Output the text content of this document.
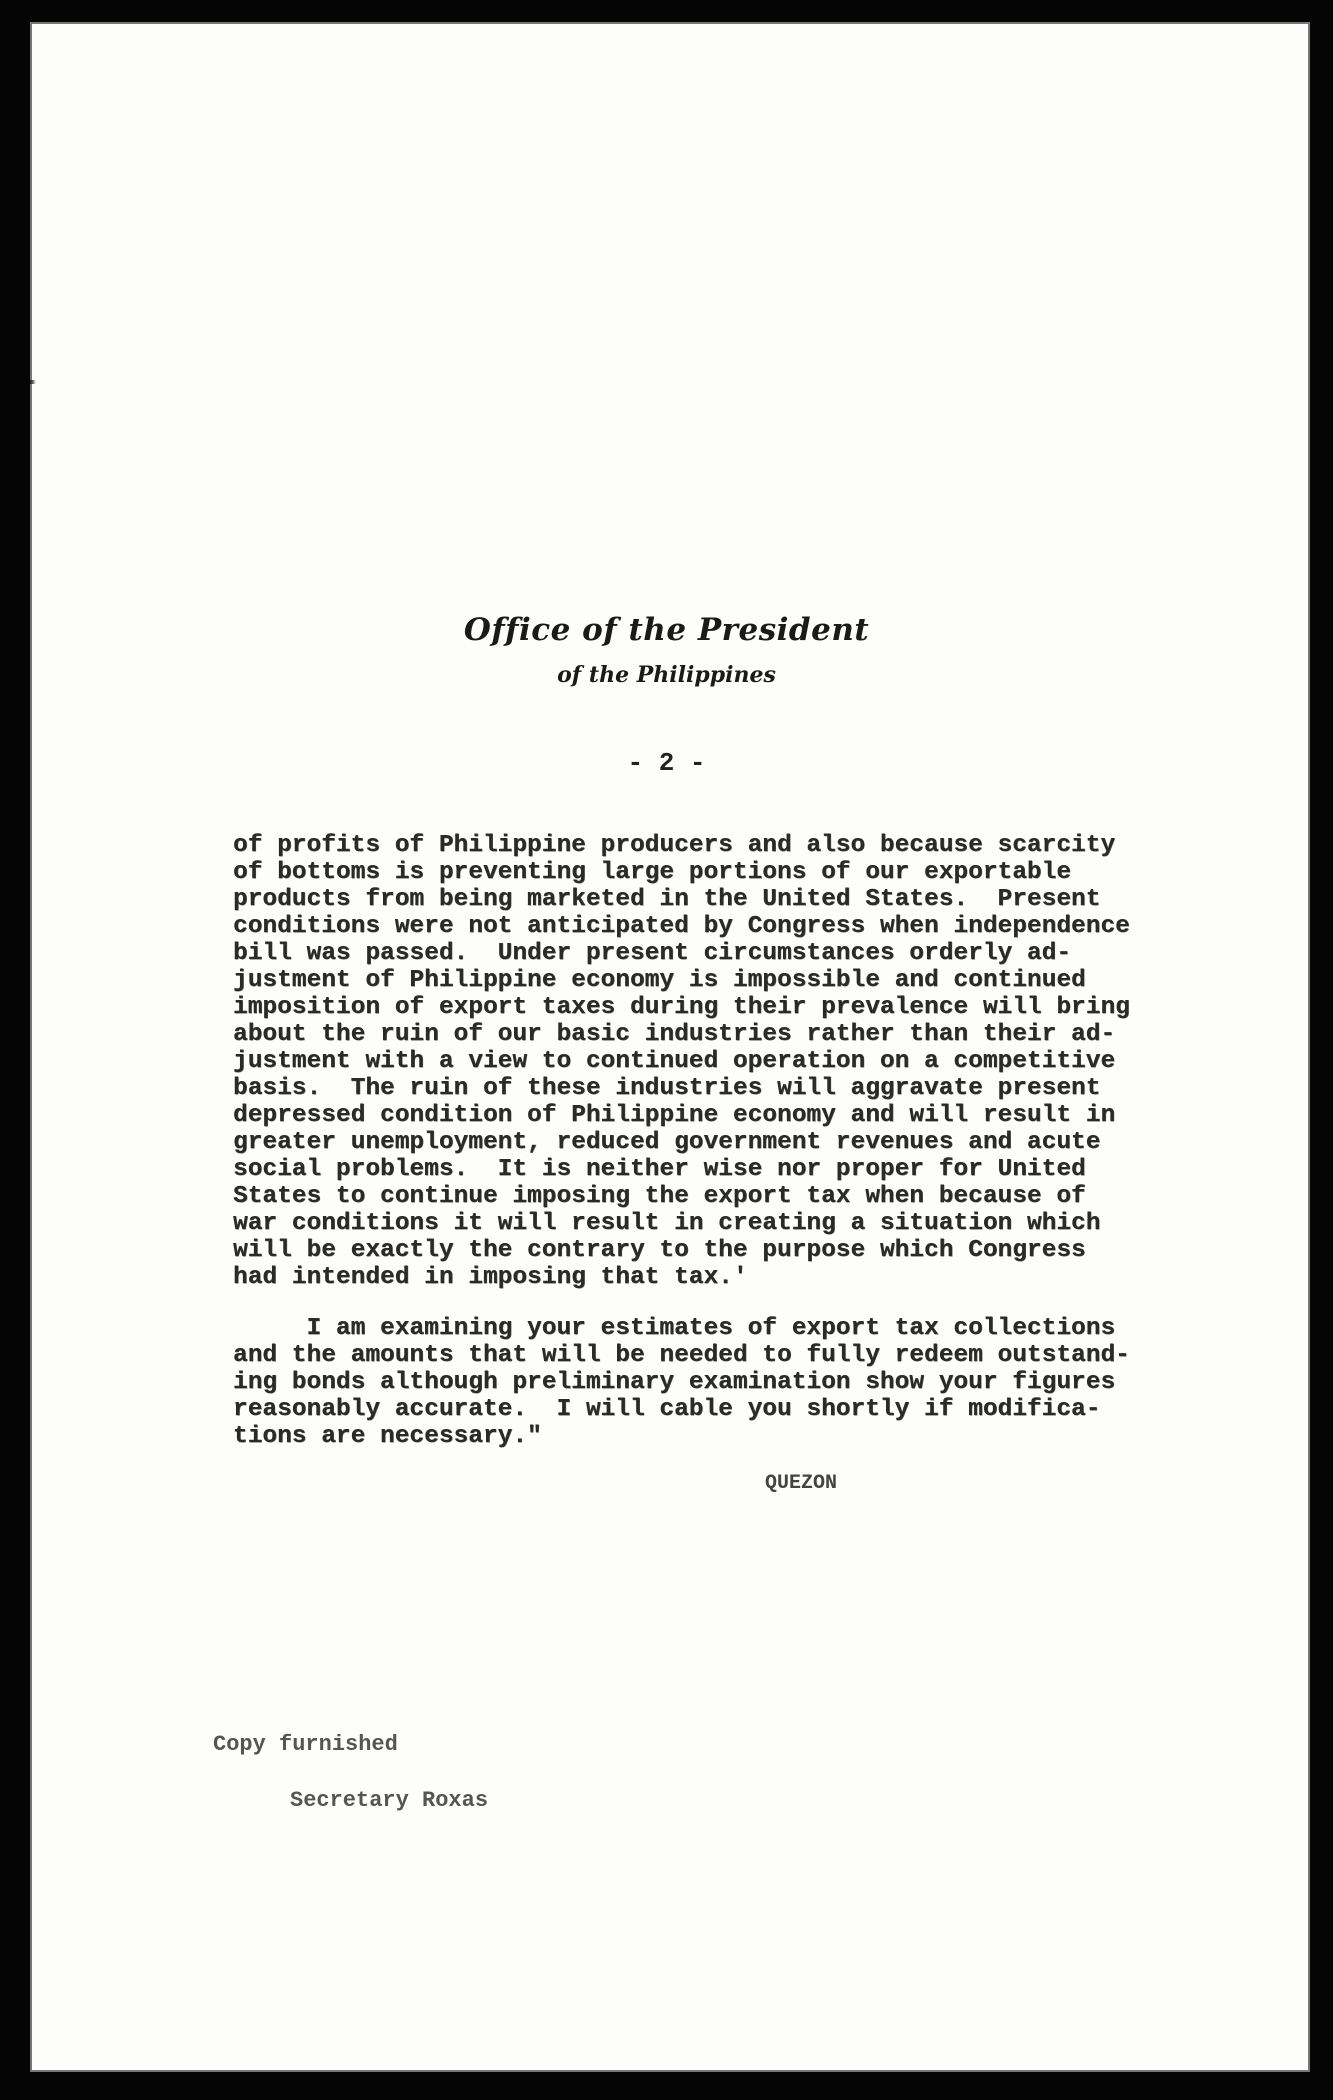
Office of the President
of the Philippines
- 2 -
of profits of Philippine producers and also because scarcity
of bottoms is preventing large portions of our exportable
products from being marketed in the United States.  Present
conditions were not anticipated by Congress when independence
bill was passed.  Under present circumstances orderly ad-
justment of Philippine economy is impossible and continued
imposition of export taxes during their prevalence will bring
about the ruin of our basic industries rather than their ad-
justment with a view to continued operation on a competitive
basis.  The ruin of these industries will aggravate present
depressed condition of Philippine economy and will result in
greater unemployment, reduced government revenues and acute
social problems.  It is neither wise nor proper for United
States to continue imposing the export tax when because of
war conditions it will result in creating a situation which
will be exactly the contrary to the purpose which Congress
had intended in imposing that tax.'
I am examining your estimates of export tax collections
and the amounts that will be needed to fully redeem outstand-
ing bonds although preliminary examination show your figures
reasonably accurate.  I will cable you shortly if modifica-
tions are necessary."
QUEZON
Copy furnished
Secretary Roxas
